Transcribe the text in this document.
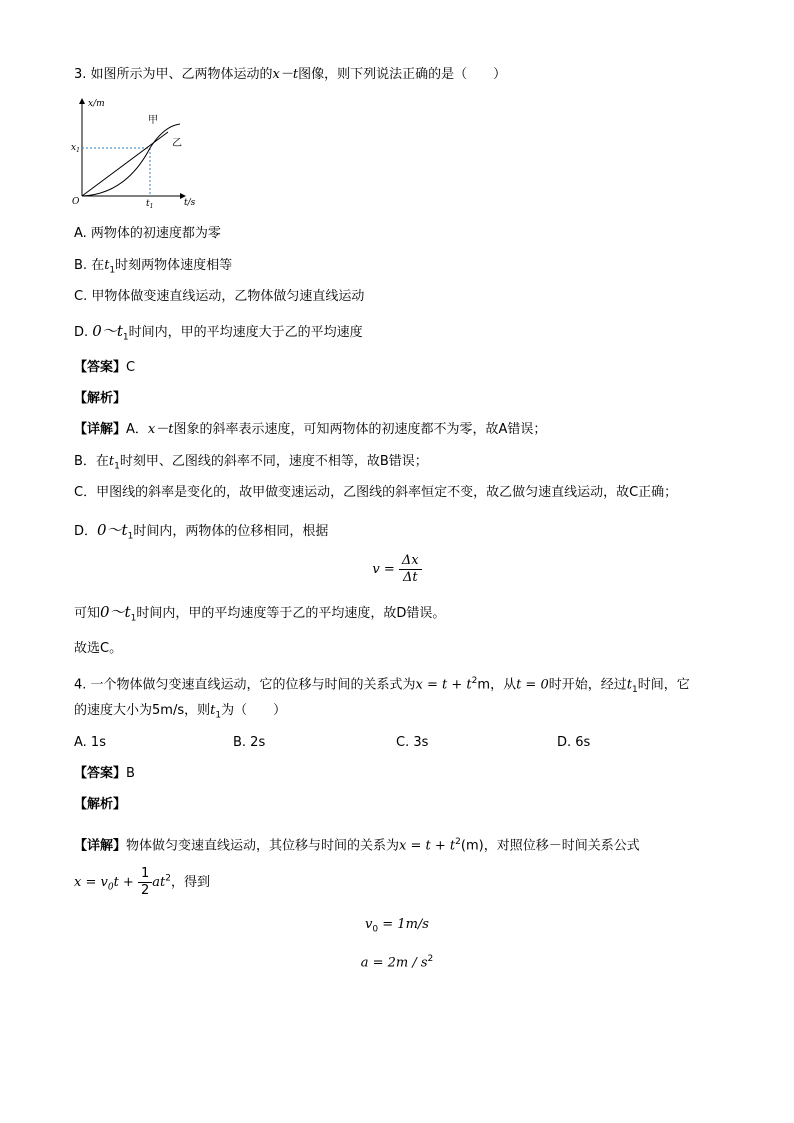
3. 如图所示为甲、乙两物体运动的x－t图像，则下列说法正确的是（　　）
x/m
t/s
O
$x_1$
$t_1$
甲
乙
A. 两物体的初速度都为零
B. 在$t_1$时刻两物体速度相等
C. 甲物体做变速直线运动，乙物体做匀速直线运动
D. $0\sim t_1$时间内，甲的平均速度大于乙的平均速度
【答案】C
【解析】
【详解】A．x－t图象的斜率表示速度，可知两物体的初速度都不为零，故A错误；
B．在$t_1$时刻甲、乙图线的斜率不同，速度不相等，故B错误；
C．甲图线的斜率是变化的，故甲做变速运动，乙图线的斜率恒定不变，故乙做匀速直线运动，故C正确；
D．$0\sim t_1$时间内，两物体的位移相同，根据
$v = \frac{\Delta x}{\Delta t}$
可知$0\sim t_1$时间内，甲的平均速度等于乙的平均速度，故D错误。
故选C。
4. 一个物体做匀变速直线运动，它的位移与时间的关系式为$x = t + t^2m$，从t = 0时开始，经过$t_1$时间，它
的速度大小为5m/s，则$t_1$为（　　）
A. 1s	B. 2s	C. 3s	D. 6s
【答案】B
【解析】
【详解】物体做匀变速直线运动，其位移与时间的关系为$x = t + t^2(m)$，对照位移－时间关系公式
$x = v_0t + \frac{1}{2} at^2$，得到
$v_0 = 1m/s$
$a = 2m / s^2$
